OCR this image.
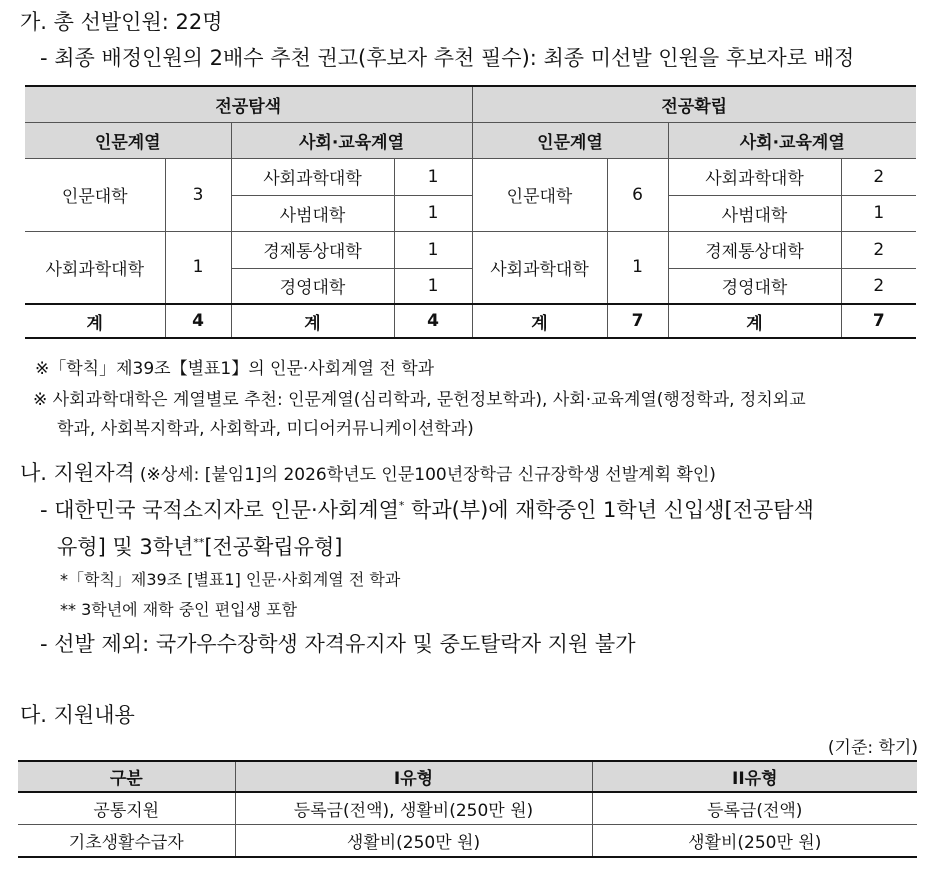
가. 총 선발인원: 22명
- 최종 배정인원의 2배수 추천 권고(후보자 추천 필수): 최종 미선발 인원을 후보자로 배정
전공탐색				전공확립			
인문계열		사회·교육계열		인문계열		사회·교육계열	
인문대학	3	사회과학대학	1	인문대학	6	사회과학대학	2
		사범대학	1			사범대학	1
사회과학대학	1	경제통상대학	1	사회과학대학	1	경제통상대학	2
		경영대학	1			경영대학	2
계	4	계	4	계	7	계	7
※「학칙」제39조【별표1】의 인문·사회계열 전 학과
※ 사회과학대학은 계열별로 추천: 인문계열(심리학과, 문헌정보학과), 사회·교육계열(행정학과, 정치외교
학과, 사회복지학과, 사회학과, 미디어커뮤니케이션학과)
나. 지원자격 (※상세: [붙임1]의 2026학년도 인문100년장학금 신규장학생 선발계획 확인)
- 대한민국 국적소지자로 인문·사회계열* 학과(부)에 재학중인 1학년 신입생[전공탐색
유형] 및 3학년**[전공확립유형]
*「학칙」제39조 [별표1] 인문·사회계열 전 학과
** 3학년에 재학 중인 편입생 포함
- 선발 제외: 국가우수장학생 자격유지자 및 중도탈락자 지원 불가
다. 지원내용
(기준: 학기)
구분	I유형	II유형
공통지원	등록금(전액), 생활비(250만 원)	등록금(전액)
기초생활수급자	생활비(250만 원)	생활비(250만 원)
